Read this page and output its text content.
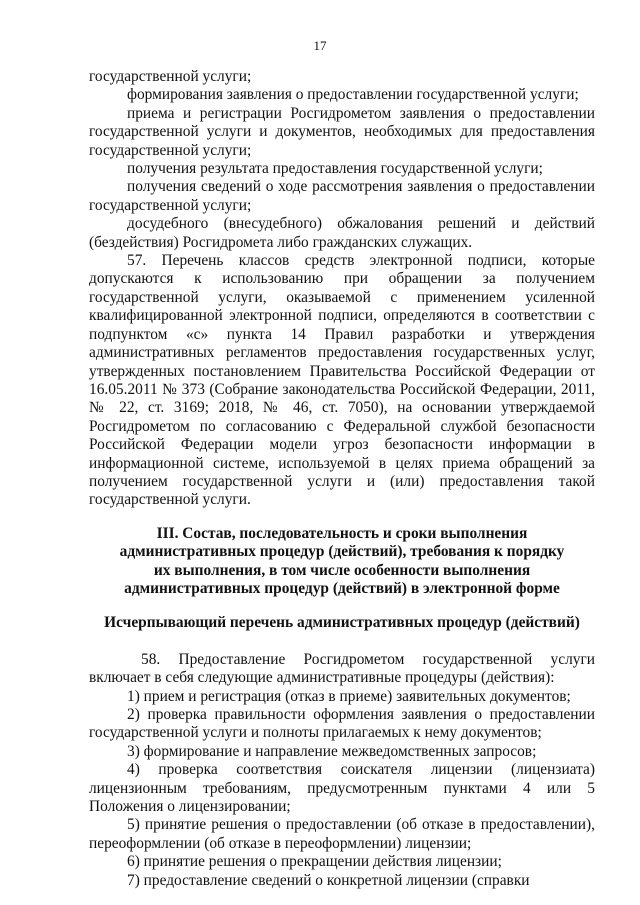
17

государственной услуги;

формирования заявления о предоставлении государственной услуги;

приема и регистрации Росгидрометом заявления о предоставлении государственной услуги и документов, необходимых для предоставления государственной услуги;

получения результата предоставления государственной услуги;

получения сведений о ходе рассмотрения заявления о предоставлении государственной услуги;

досудебного (внесудебного) обжалования решений и действий (бездействия) Росгидромета либо гражданских служащих.

57. Перечень классов средств электронной подписи, которые допускаются к использованию при обращении за получением государственной услуги, оказываемой с применением усиленной квалифицированной электронной подписи, определяются в соответствии с подпунктом «с» пункта 14 Правил разработки и утверждения административных регламентов предоставления государственных услуг, утвержденных постановлением Правительства Российской Федерации от 16.05.2011 № 373 (Собрание законодательства Российской Федерации, 2011, № 22, ст. 3169; 2018, № 46, ст. 7050), на основании утверждаемой Росгидрометом по согласованию с Федеральной службой безопасности Российской Федерации модели угроз безопасности информации в информационной системе, используемой в целях приема обращений за получением государственной услуги и (или) предоставления такой государственной услуги.

III. Состав, последовательность и сроки выполнения
административных процедур (действий), требования к порядку
их выполнения, в том числе особенности выполнения
административных процедур (действий) в электронной форме
Исчерпывающий перечень административных процедур (действий)

58. Предоставление Росгидрометом государственной услуги включает в себя следующие административные процедуры (действия):

1) прием и регистрация (отказ в приеме) заявительных документов;

2) проверка правильности оформления заявления о предоставлении государственной услуги и полноты прилагаемых к нему документов;

3) формирование и направление межведомственных запросов;

4) проверка соответствия соискателя лицензии (лицензиата) лицензионным требованиям, предусмотренным пунктами 4 или 5 Положения о лицензировании;

5) принятие решения о предоставлении (об отказе в предоставлении), переоформлении (об отказе в переоформлении) лицензии;

6) принятие решения о прекращении действия лицензии;

7) предоставление сведений о конкретной лицензии (справки
